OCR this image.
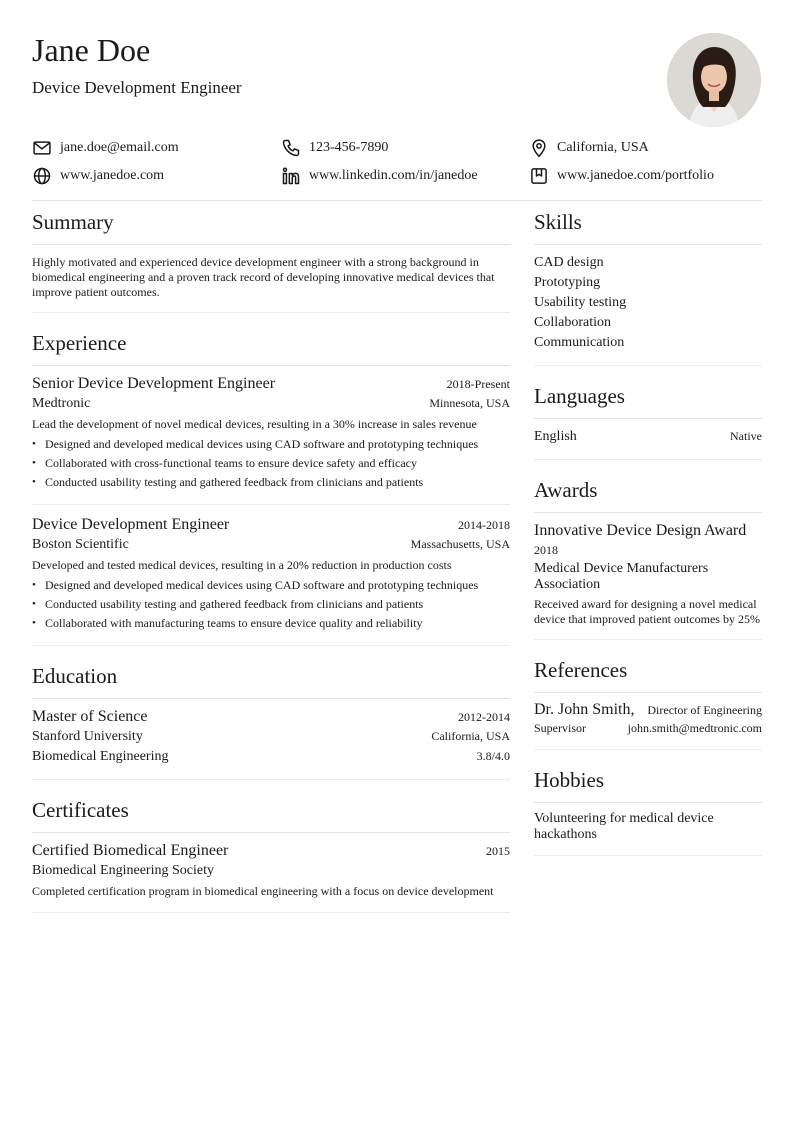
Jane Doe
Device Development Engineer
jane.doe@email.com	123-456-7890	California, USA
www.janedoe.com	www.linkedin.com/in/janedoe	www.janedoe.com/portfolio
Summary
Highly motivated and experienced device development engineer with a strong background in biomedical engineering and a proven track record of developing innovative medical devices that improve patient outcomes.
Experience
Senior Device Development Engineer	2018-Present
Medtronic	Minnesota, USA
Lead the development of novel medical devices, resulting in a 30% increase in sales revenue
• Designed and developed medical devices using CAD software and prototyping techniques
• Collaborated with cross-functional teams to ensure device safety and efficacy
• Conducted usability testing and gathered feedback from clinicians and patients
Device Development Engineer	2014-2018
Boston Scientific	Massachusetts, USA
Developed and tested medical devices, resulting in a 20% reduction in production costs
• Designed and developed medical devices using CAD software and prototyping techniques
• Conducted usability testing and gathered feedback from clinicians and patients
• Collaborated with manufacturing teams to ensure device quality and reliability
Education
Master of Science	2012-2014
Stanford University	California, USA
Biomedical Engineering	3.8/4.0
Certificates
Certified Biomedical Engineer	2015
Biomedical Engineering Society
Completed certification program in biomedical engineering with a focus on device development
Skills
CAD design
Prototyping
Usability testing
Collaboration
Communication
Languages
English	Native
Awards
Innovative Device Design Award
2018
Medical Device Manufacturers Association
Received award for designing a novel medical device that improved patient outcomes by 25%
References
Dr. John Smith, Director of Engineering
Supervisor	john.smith@medtronic.com
Hobbies
Volunteering for medical device hackathons
